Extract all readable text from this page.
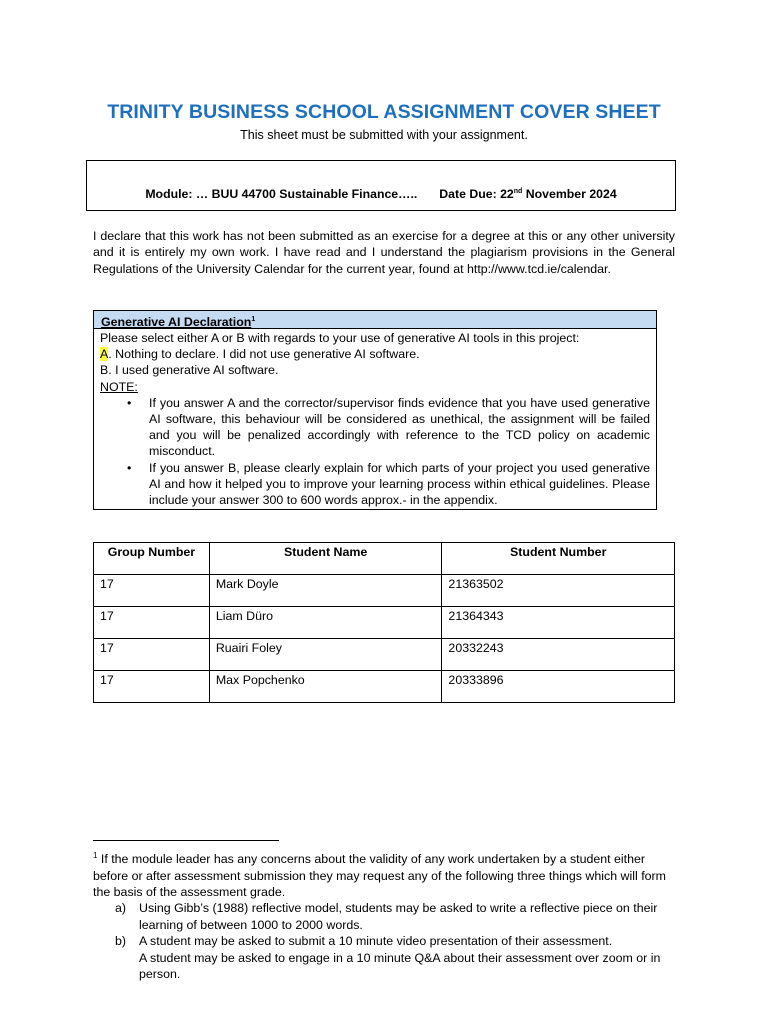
TRINITY BUSINESS SCHOOL ASSIGNMENT COVER SHEET
This sheet must be submitted with your assignment.
Module: … BUU 44700 Sustainable Finance….. Date Due: 22nd November 2024
I declare that this work has not been submitted as an exercise for a degree at this or any other university and it is entirely my own work. I have read and I understand the plagiarism provisions in the General Regulations of the University Calendar for the current year, found at http://www.tcd.ie/calendar.
Generative AI Declaration$^1$
Please select either A or B with regards to your use of generative AI tools in this project:
A. Nothing to declare. I did not use generative AI software.
B. I used generative AI software.
NOTE:
• If you answer A and the corrector/supervisor finds evidence that you have used generative AI software, this behaviour will be considered as unethical, the assignment will be failed and you will be penalized accordingly with reference to the TCD policy on academic misconduct.
• If you answer B, please clearly explain for which parts of your project you used generative AI and how it helped you to improve your learning process within ethical guidelines. Please include your answer 300 to 600 words approx.- in the appendix.
Group Number	Student Name	Student Number
17	Mark Doyle	21363502
17	Liam Düro	21364343
17	Ruairi Foley	20332243
17	Max Popchenko	20333896
$^1$ If the module leader has any concerns about the validity of any work undertaken by a student either before or after assessment submission they may request any of the following three things which will form the basis of the assessment grade.
a) Using Gibb’s (1988) reflective model, students may be asked to write a reflective piece on their learning of between 1000 to 2000 words.
b) A student may be asked to submit a 10 minute video presentation of their assessment.
A student may be asked to engage in a 10 minute Q&A about their assessment over zoom or in person.
